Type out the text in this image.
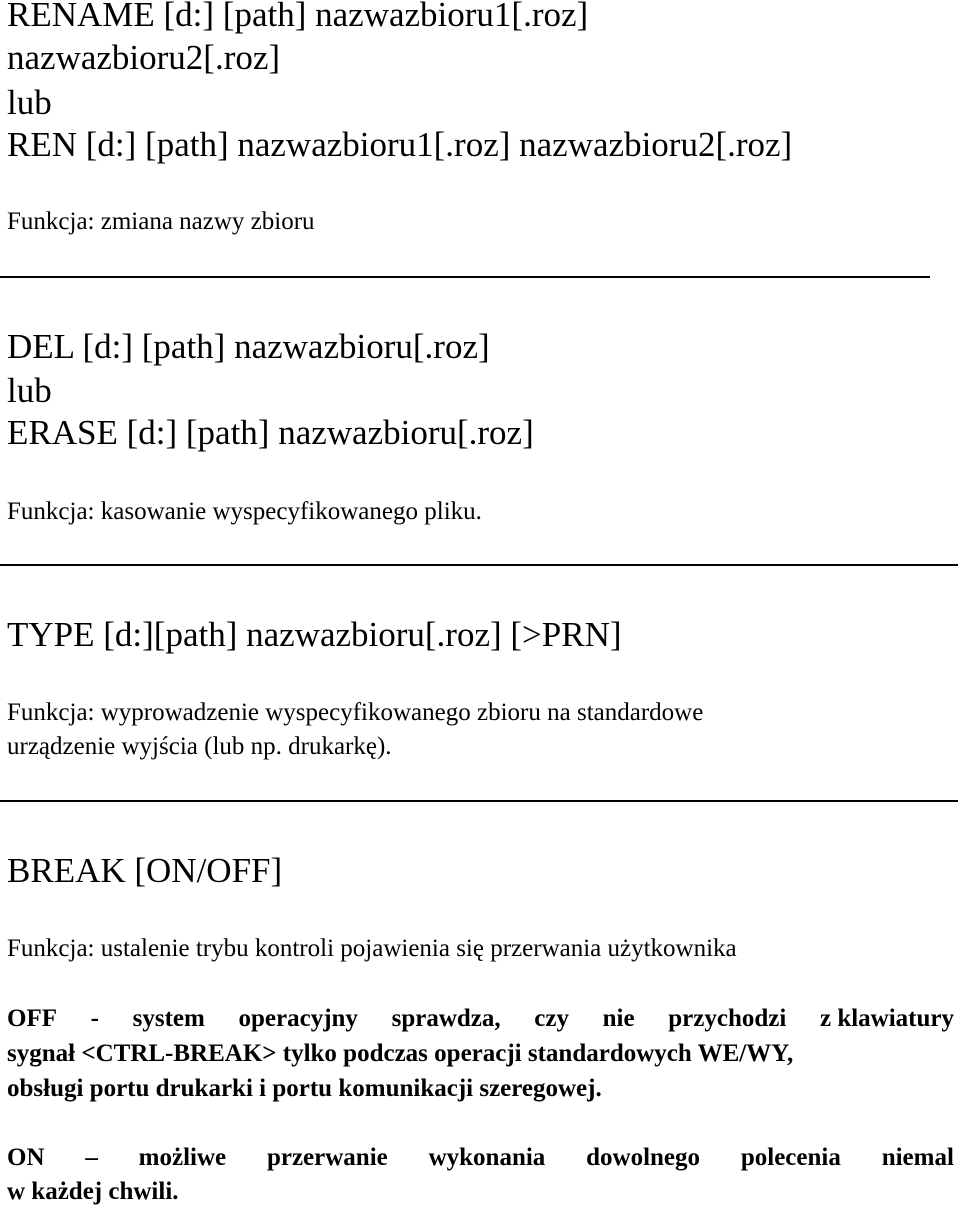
RENAME [d:] [path] nazwazbioru1[.roz]
nazwazbioru2[.roz]
lub
REN [d:] [path] nazwazbioru1[.roz] nazwazbioru2[.roz]
Funkcja: zmiana nazwy zbioru
DEL [d:] [path] nazwazbioru[.roz]
lub
ERASE [d:] [path] nazwazbioru[.roz]
Funkcja: kasowanie wyspecyfikowanego pliku.
TYPE [d:][path] nazwazbioru[.roz] [>PRN]
Funkcja: wyprowadzenie wyspecyfikowanego zbioru na standardowe
urządzenie wyjścia (lub np. drukarkę).
BREAK [ON/OFF]
Funkcja: ustalenie trybu kontroli pojawienia się przerwania użytkownika
OFF - system operacyjny sprawdza, czy nie przychodzi z klawiatury
sygnał <CTRL-BREAK> tylko podczas operacji standardowych WE/WY,
obsługi portu drukarki i portu komunikacji szeregowej.
ON – możliwe przerwanie wykonania dowolnego polecenia niemal
w każdej chwili.
